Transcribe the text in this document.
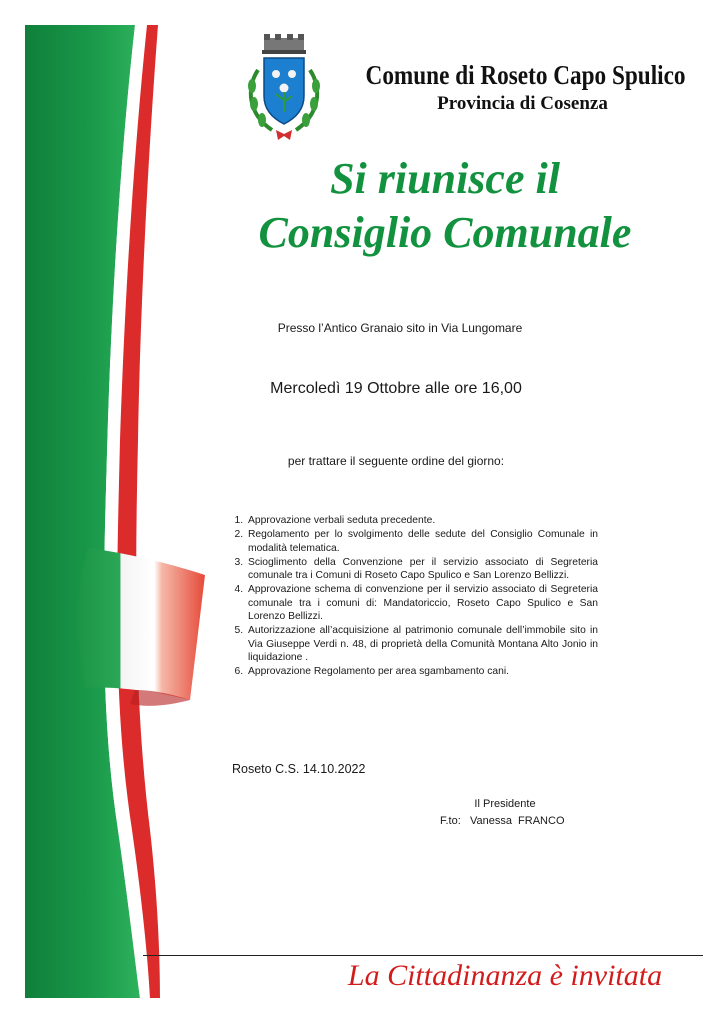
Comune di Roseto Capo Spulico
Provincia di Cosenza
Si riunisce il
Consiglio Comunale
Presso l’Antico Granaio sito in Via Lungomare
Mercoledì 19 Ottobre alle ore 16,00
per trattare il seguente ordine del giorno:
1. Approvazione verbali seduta precedente.
2. Regolamento per lo svolgimento delle sedute del Consiglio Comunale in modalità telematica.
3. Scioglimento della Convenzione per il servizio associato di Segreteria comunale tra i Comuni di Roseto Capo Spulico e San Lorenzo Bellizzi.
4. Approvazione schema di convenzione per il servizio associato di Segreteria comunale tra i comuni di: Mandatoriccio, Roseto Capo Spulico e San Lorenzo Bellizzi.
5. Autorizzazione all’acquisizione al patrimonio comunale dell’immobile sito in Via Giuseppe Verdi n. 48, di proprietà della Comunità Montana Alto Jonio in liquidazione .
6. Approvazione Regolamento per area sgambamento cani.
Roseto C.S. 14.10.2022
Il Presidente
F.to:   Vanessa  FRANCO
La Cittadinanza è invitata
